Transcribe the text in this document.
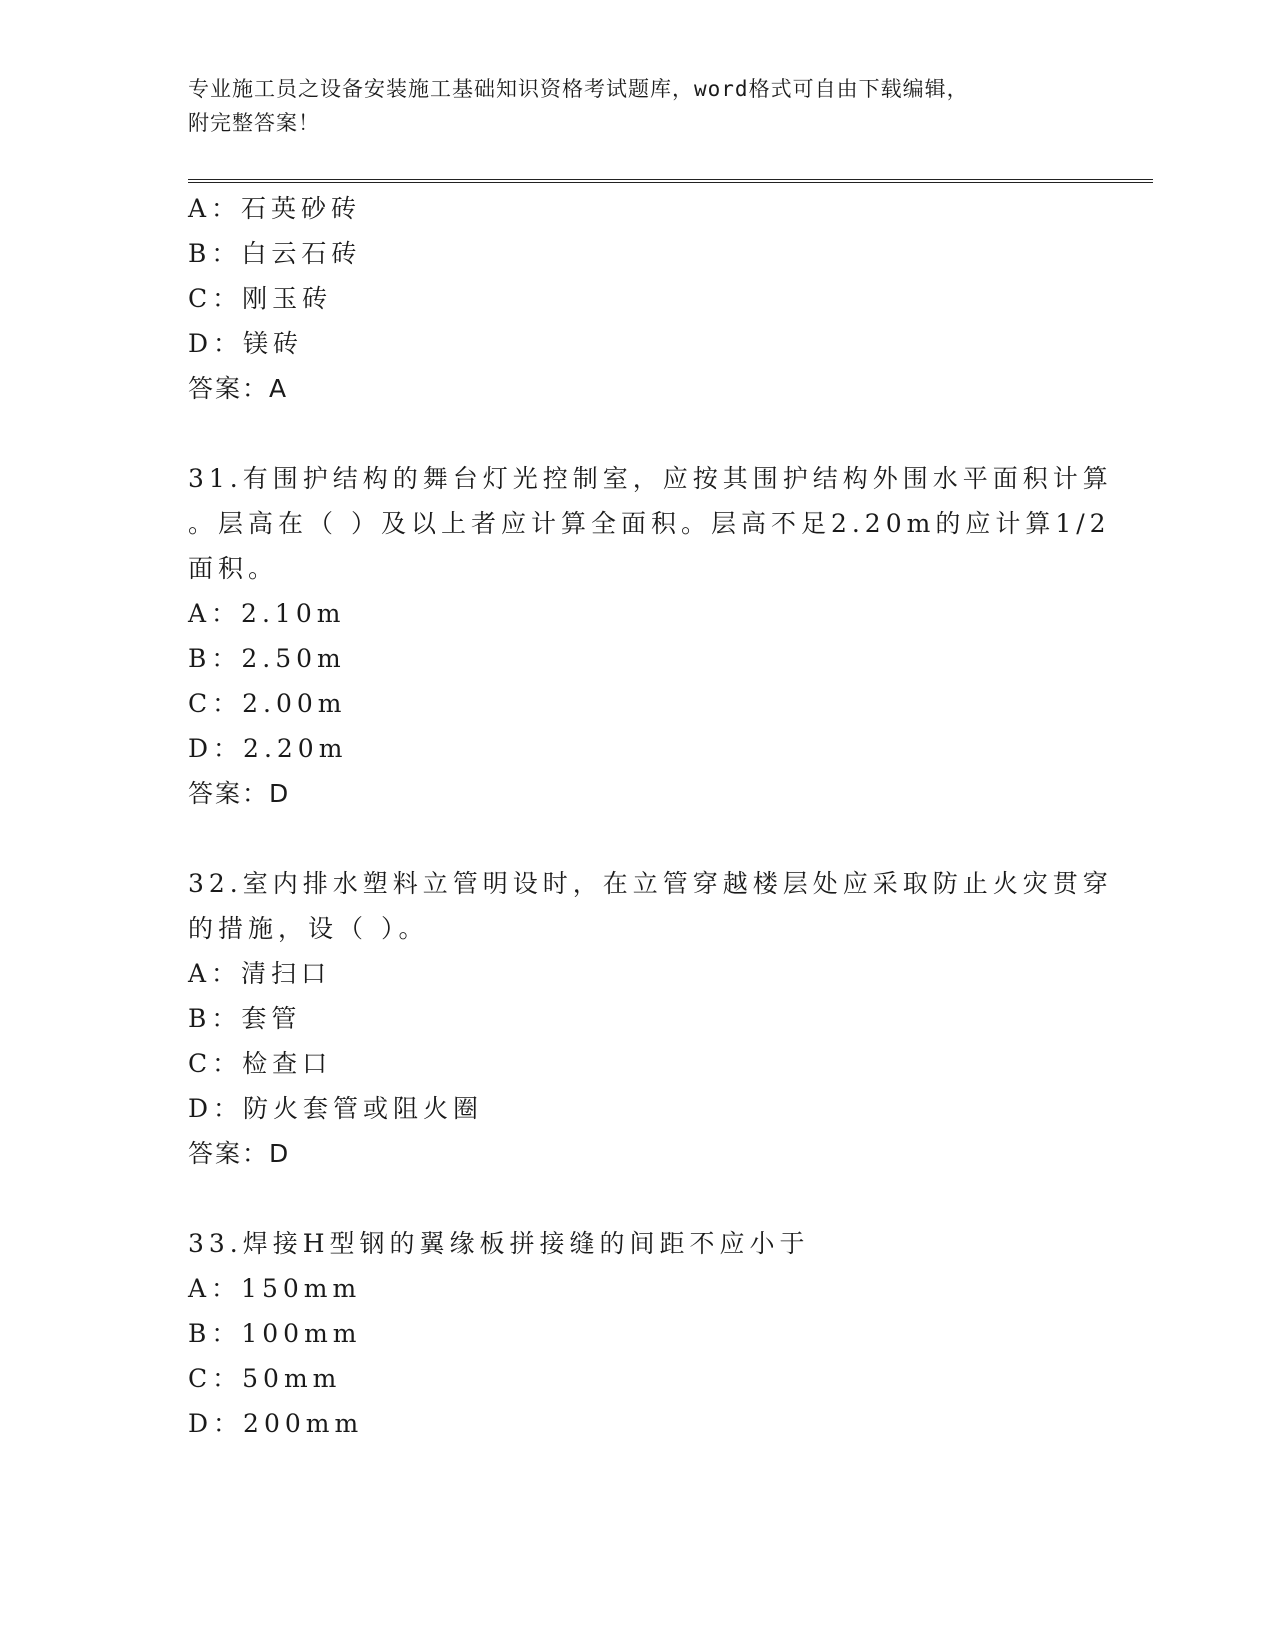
专业施工员之设备安装施工基础知识资格考试题库，word格式可自由下载编辑，
附完整答案！
A：石英砂砖
B：白云石砖
C：刚玉砖
D：镁砖
答案：A
31.有围护结构的舞台灯光控制室，应按其围护结构外围水平面积计算
。层高在（ ）及以上者应计算全面积。层高不足2.20m的应计算1/2
面积。
A：2.10m
B：2.50m
C：2.00m
D：2.20m
答案：D
32.室内排水塑料立管明设时，在立管穿越楼层处应采取防止火灾贯穿
的措施，设（ ）。
A：清扫口
B：套管
C：检查口
D：防火套管或阻火圈
答案：D
33.焊接H型钢的翼缘板拼接缝的间距不应小于
A：150mm
B：100mm
C：50mm
D：200mm
